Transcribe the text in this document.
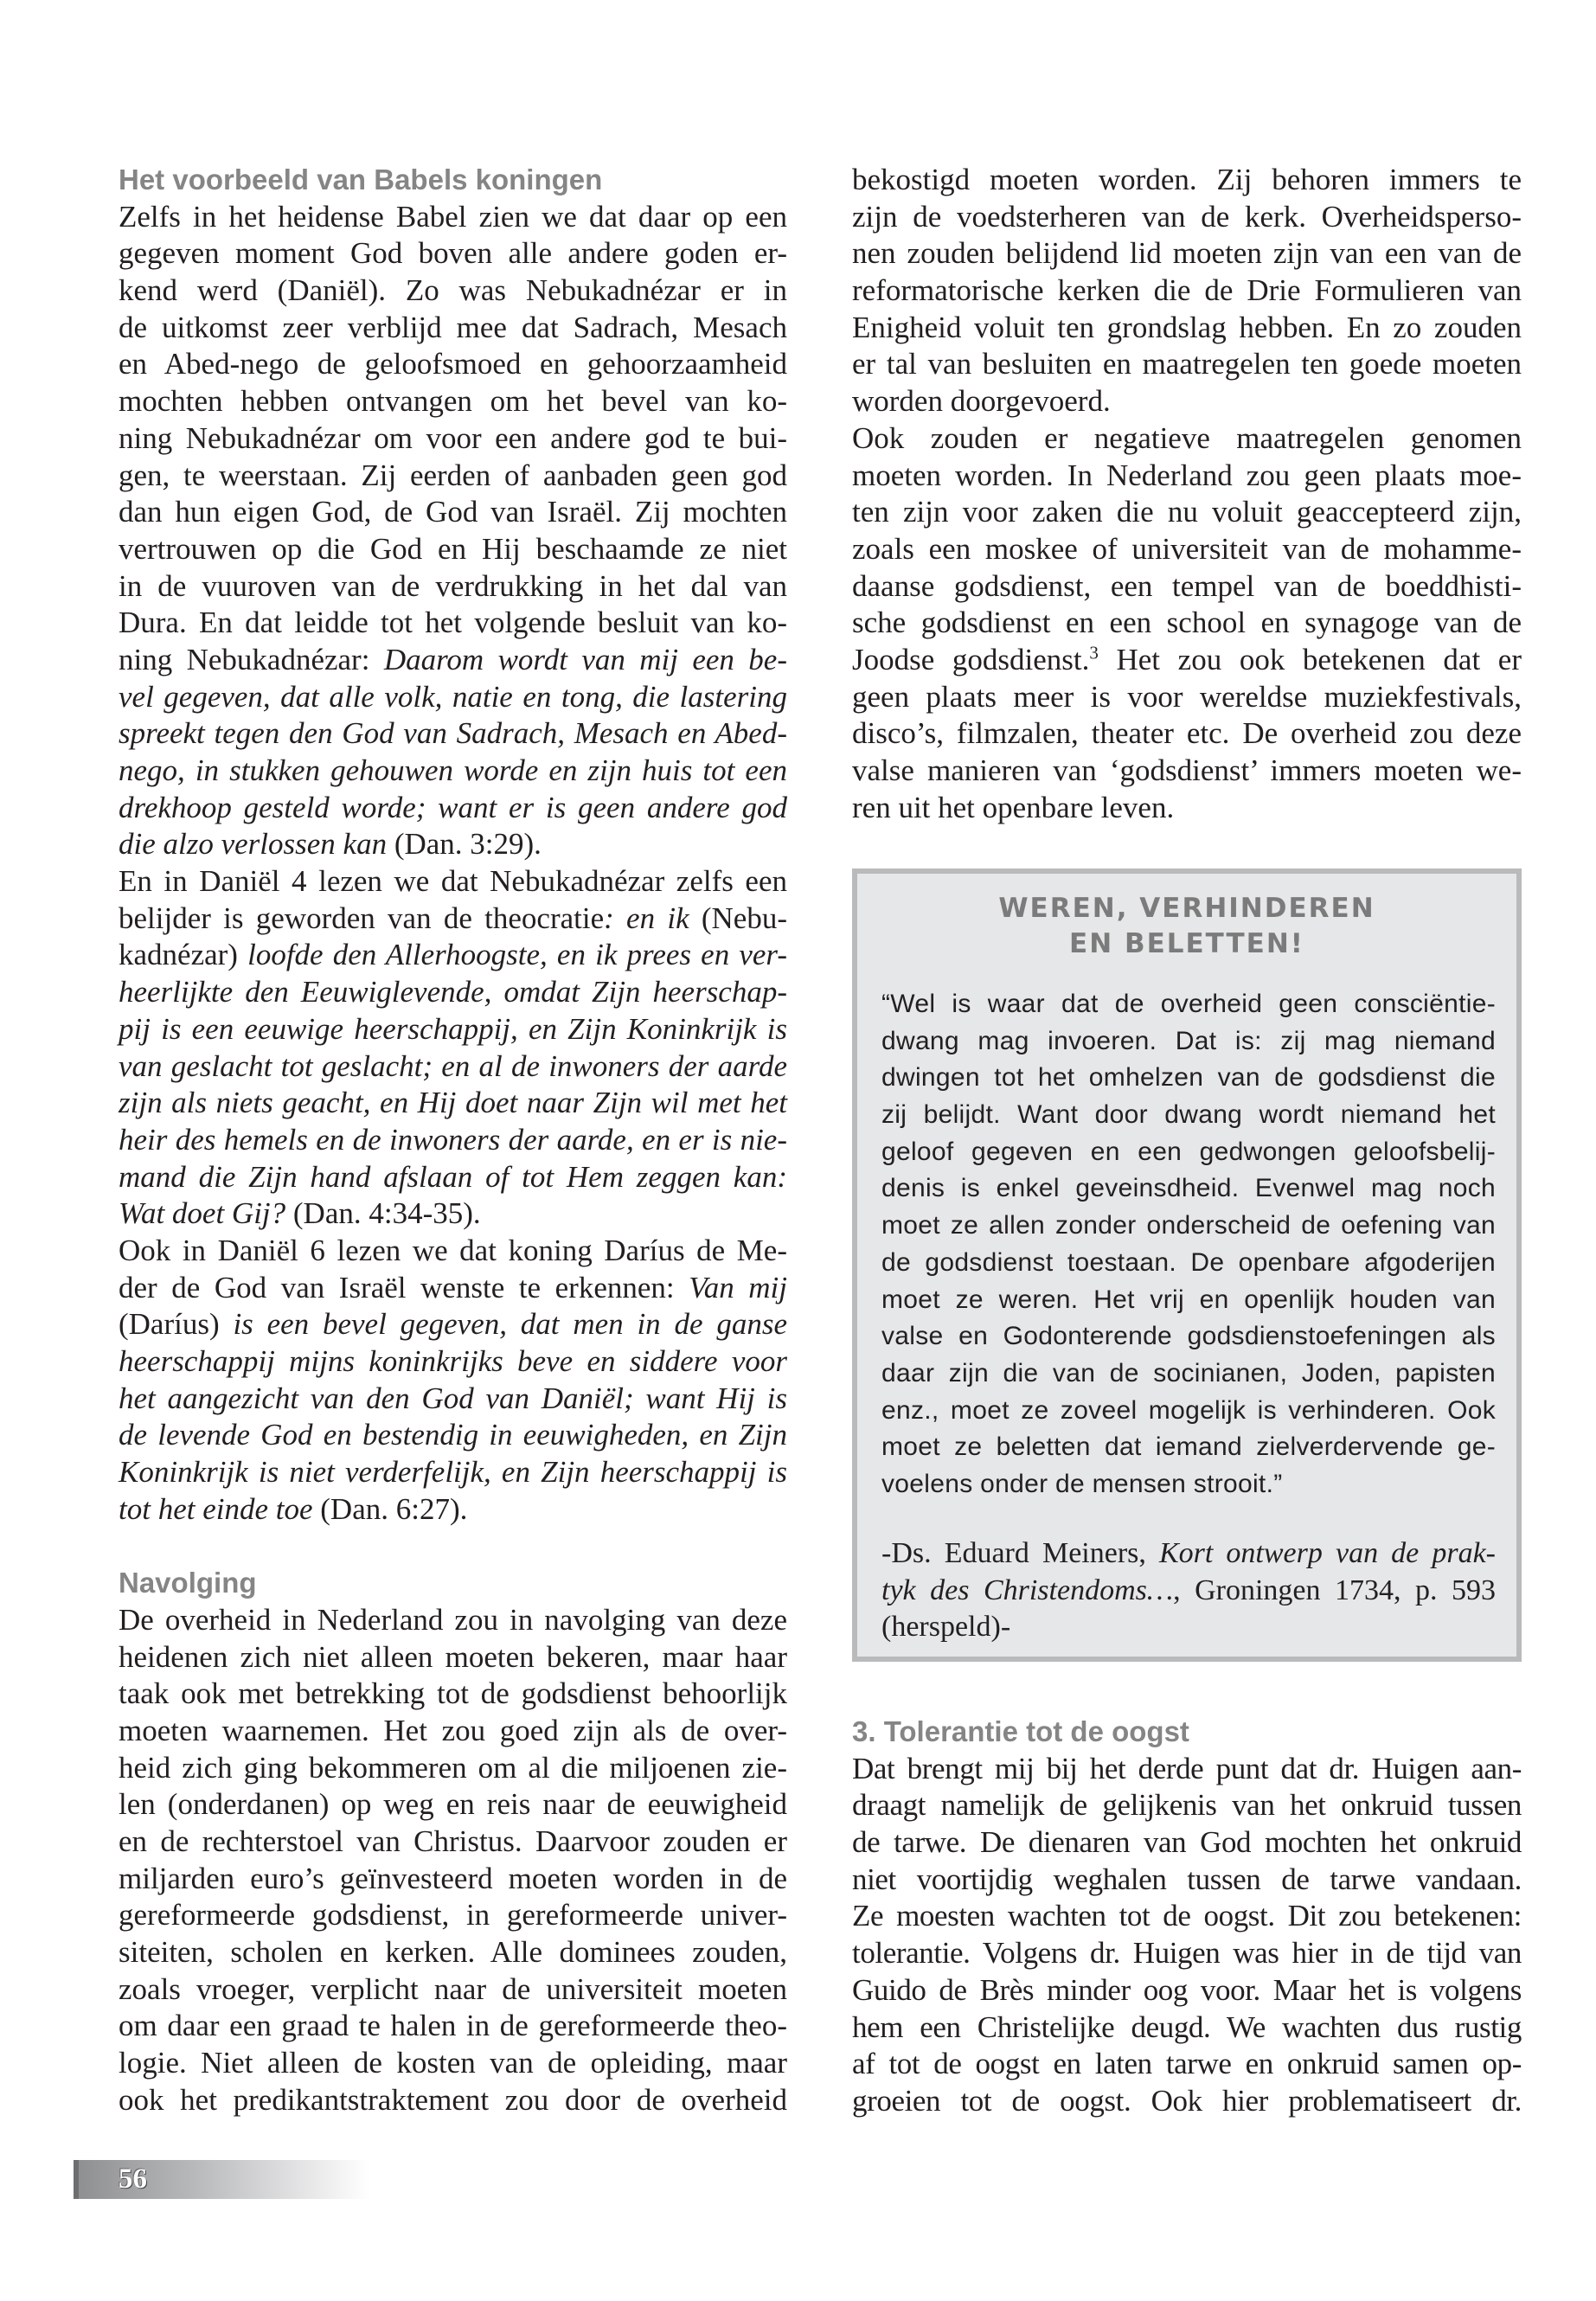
Het voorbeeld van Babels koningen
Zelfs in het heidense Babel zien we dat daar op een
gegeven moment God boven alle andere goden er-
kend werd (Daniël). Zo was Nebukadnézar er in
de uitkomst zeer verblijd mee dat Sadrach, Mesach
en Abed-nego de geloofsmoed en gehoorzaamheid
mochten hebben ontvangen om het bevel van ko-
ning Nebukadnézar om voor een andere god te bui-
gen, te weerstaan. Zij eerden of aanbaden geen god
dan hun eigen God, de God van Israël. Zij mochten
vertrouwen op die God en Hij beschaamde ze niet
in de vuuroven van de verdrukking in het dal van
Dura. En dat leidde tot het volgende besluit van ko-
ning Nebukadnézar: Daarom wordt van mij een be-
vel gegeven, dat alle volk, natie en tong, die lastering
spreekt tegen den God van Sadrach, Mesach en Abed-
nego, in stukken gehouwen worde en zijn huis tot een
drekhoop gesteld worde; want er is geen andere god
die alzo verlossen kan (Dan. 3:29).
En in Daniël 4 lezen we dat Nebukadnézar zelfs een
belijder is geworden van de theocratie: en ik (Nebu-
kadnézar) loofde den Allerhoogste, en ik prees en ver-
heerlijkte den Eeuwiglevende, omdat Zijn heerschap-
pij is een eeuwige heerschappij, en Zijn Koninkrijk is
van geslacht tot geslacht; en al de inwoners der aarde
zijn als niets geacht, en Hij doet naar Zijn wil met het
heir des hemels en de inwoners der aarde, en er is nie-
mand die Zijn hand afslaan of tot Hem zeggen kan:
Wat doet Gij? (Dan. 4:34-35).
Ook in Daniël 6 lezen we dat koning Daríus de Me-
der de God van Israël wenste te erkennen: Van mij
(Daríus) is een bevel gegeven, dat men in de ganse
heerschappij mijns koninkrijks beve en siddere voor
het aangezicht van den God van Daniël; want Hij is
de levende God en bestendig in eeuwigheden, en Zijn
Koninkrijk is niet verderfelijk, en Zijn heerschappij is
tot het einde toe (Dan. 6:27).
Navolging
De overheid in Nederland zou in navolging van deze
heidenen zich niet alleen moeten bekeren, maar haar
taak ook met betrekking tot de godsdienst behoorlijk
moeten waarnemen. Het zou goed zijn als de over-
heid zich ging bekommeren om al die miljoenen zie-
len (onderdanen) op weg en reis naar de eeuwigheid
en de rechterstoel van Christus. Daarvoor zouden er
miljarden euro’s geïnvesteerd moeten worden in de
gereformeerde godsdienst, in gereformeerde univer-
siteiten, scholen en kerken. Alle dominees zouden,
zoals vroeger, verplicht naar de universiteit moeten
om daar een graad te halen in de gereformeerde theo-
logie. Niet alleen de kosten van de opleiding, maar
ook het predikantstraktement zou door de overheid
bekostigd moeten worden. Zij behoren immers te
zijn de voedsterheren van de kerk. Overheidsperso-
nen zouden belijdend lid moeten zijn van een van de
reformatorische kerken die de Drie Formulieren van
Enigheid voluit ten grondslag hebben. En zo zouden
er tal van besluiten en maatregelen ten goede moeten
worden doorgevoerd.
Ook zouden er negatieve maatregelen genomen
moeten worden. In Nederland zou geen plaats moe-
ten zijn voor zaken die nu voluit geaccepteerd zijn,
zoals een moskee of universiteit van de mohamme-
daanse godsdienst, een tempel van de boeddhisti-
sche godsdienst en een school en synagoge van de
Joodse godsdienst.$^3$ Het zou ook betekenen dat er
geen plaats meer is voor wereldse muziekfestivals,
disco’s, filmzalen, theater etc. De overheid zou deze
valse manieren van ‘godsdienst’ immers moeten we-
ren uit het openbare leven.
WEREN, VERHINDEREN
EN BELETTEN!
“Wel is waar dat de overheid geen consciëntie-
dwang mag invoeren. Dat is: zij mag niemand
dwingen tot het omhelzen van de godsdienst die
zij belijdt. Want door dwang wordt niemand het
geloof gegeven en een gedwongen geloofsbelij-
denis is enkel geveinsdheid. Evenwel mag noch
moet ze allen zonder onderscheid de oefening van
de godsdienst toestaan. De openbare afgoderijen
moet ze weren. Het vrij en openlijk houden van
valse en Godonterende godsdienstoefeningen als
daar zijn die van de socinianen, Joden, papisten
enz., moet ze zoveel mogelijk is verhinderen. Ook
moet ze beletten dat iemand zielverdervende ge-
voelens onder de mensen strooit.”
-Ds. Eduard Meiners, Kort ontwerp van de prak-
tyk des Christendoms…, Groningen 1734, p. 593
(herspeld)-
3. Tolerantie tot de oogst
Dat brengt mij bij het derde punt dat dr. Huigen aan-
draagt namelijk de gelijkenis van het onkruid tussen
de tarwe. De dienaren van God mochten het onkruid
niet voortijdig weghalen tussen de tarwe vandaan.
Ze moesten wachten tot de oogst. Dit zou betekenen:
tolerantie. Volgens dr. Huigen was hier in de tijd van
Guido de Brès minder oog voor. Maar het is volgens
hem een Christelijke deugd. We wachten dus rustig
af tot de oogst en laten tarwe en onkruid samen op-
groeien tot de oogst. Ook hier problematiseert dr.
56
